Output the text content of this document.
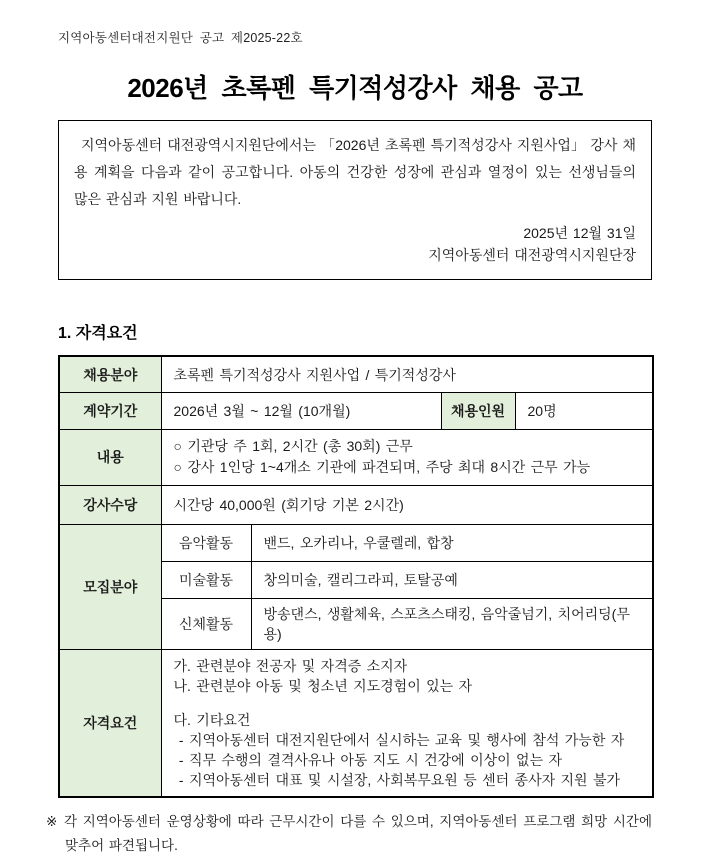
지역아동센터대전지원단 공고 제2025-22호
2026년 초록펜 특기적성강사 채용 공고

지역아동센터 대전광역시지원단에서는 「2026년 초록펜 특기적성강사 지원사업」 강사 채용 계획을 다음과 같이 공고합니다. 아동의 건강한 성장에 관심과 열정이 있는 선생님들의 많은 관심과 지원 바랍니다.

2025년 12월 31일
지역아동센터 대전광역시지원단장
1. 자격요건
채용분야	초록펜 특기적성강사 지원사업 / 특기적성강사			
계약기간	2026년 3월 ~ 12월 (10개월)		채용인원	20명
내용	○ 기관당 주 1회, 2시간 (총 30회) 근무
○ 강사 1인당 1~4개소 기관에 파견되며, 주당 최대 8시간 근무 가능			

강사수당	시간당 40,000원 (회기당 기본 2시간)			
모집분야	음악활동	밴드, 오카리나, 우쿨렐레, 합창		
	미술활동	창의미술, 캘리그라피, 토탈공예		
	신체활동	방송댄스, 생활체육, 스포츠스태킹, 음악줄넘기, 치어리딩(무용)		
자격요건	
가. 관련분야 전공자 및 자격증 소지자
나. 관련분야 아동 및 청소년 지도경험이 있는 자
다. 기타요건
- 지역아동센터 대전지원단에서 실시하는 교육 및 행사에 참석 가능한 자
- 직무 수행의 결격사유나 아동 지도 시 건강에 이상이 없는 자
- 지역아동센터 대표 및 시설장, 사회복무요원 등 센터 종사자 지원 불가

※ 각 지역아동센터 운영상황에 따라 근무시간이 다를 수 있으며, 지역아동센터 프로그램 희망 시간에 맞추어 파견됩니다.
